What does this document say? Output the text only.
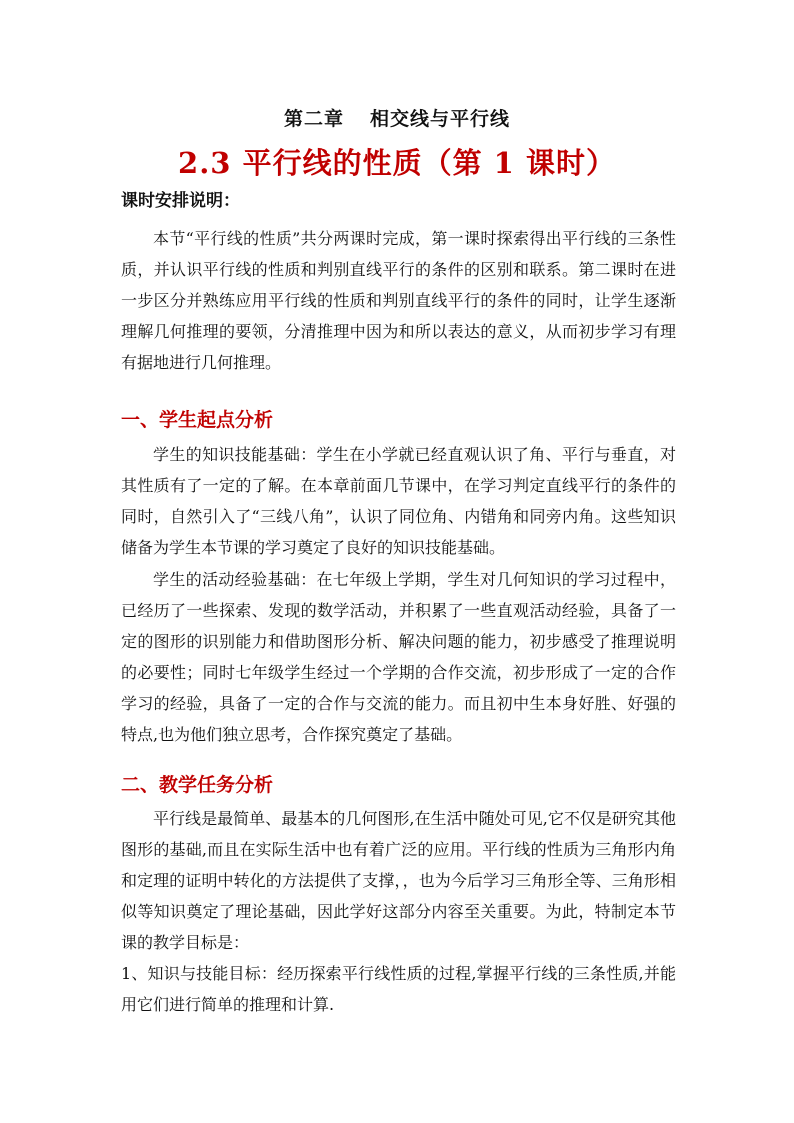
第二章 相交线与平行线
2.3 平行线的性质（第 1 课时）
课时安排说明：

本节“平行线的性质”共分两课时完成，第一课时探索得出平行线的三条性质，并认识平行线的性质和判别直线平行的条件的区别和联系。第二课时在进一步区分并熟练应用平行线的性质和判别直线平行的条件的同时，让学生逐渐理解几何推理的要领，分清推理中因为和所以表达的意义，从而初步学习有理有据地进行几何推理。

一、学生起点分析

学生的知识技能基础：学生在小学就已经直观认识了角、平行与垂直，对其性质有了一定的了解。在本章前面几节课中，在学习判定直线平行的条件的同时，自然引入了“三线八角”，认识了同位角、内错角和同旁内角。这些知识储备为学生本节课的学习奠定了良好的知识技能基础。

学生的活动经验基础：在七年级上学期，学生对几何知识的学习过程中，已经历了一些探索、发现的数学活动，并积累了一些直观活动经验，具备了一定的图形的识别能力和借助图形分析、解决问题的能力，初步感受了推理说明的必要性；同时七年级学生经过一个学期的合作交流，初步形成了一定的合作学习的经验，具备了一定的合作与交流的能力。而且初中生本身好胜、好强的特点,也为他们独立思考，合作探究奠定了基础。

二、教学任务分析

平行线是最简单、最基本的几何图形,在生活中随处可见,它不仅是研究其他图形的基础,而且在实际生活中也有着广泛的应用。平行线的性质为三角形内角和定理的证明中转化的方法提供了支撑，，也为今后学习三角形全等、三角形相似等知识奠定了理论基础，因此学好这部分内容至关重要。为此，特制定本节课的教学目标是：

1、知识与技能目标：经历探索平行线性质的过程,掌握平行线的三条性质,并能用它们进行简单的推理和计算.
